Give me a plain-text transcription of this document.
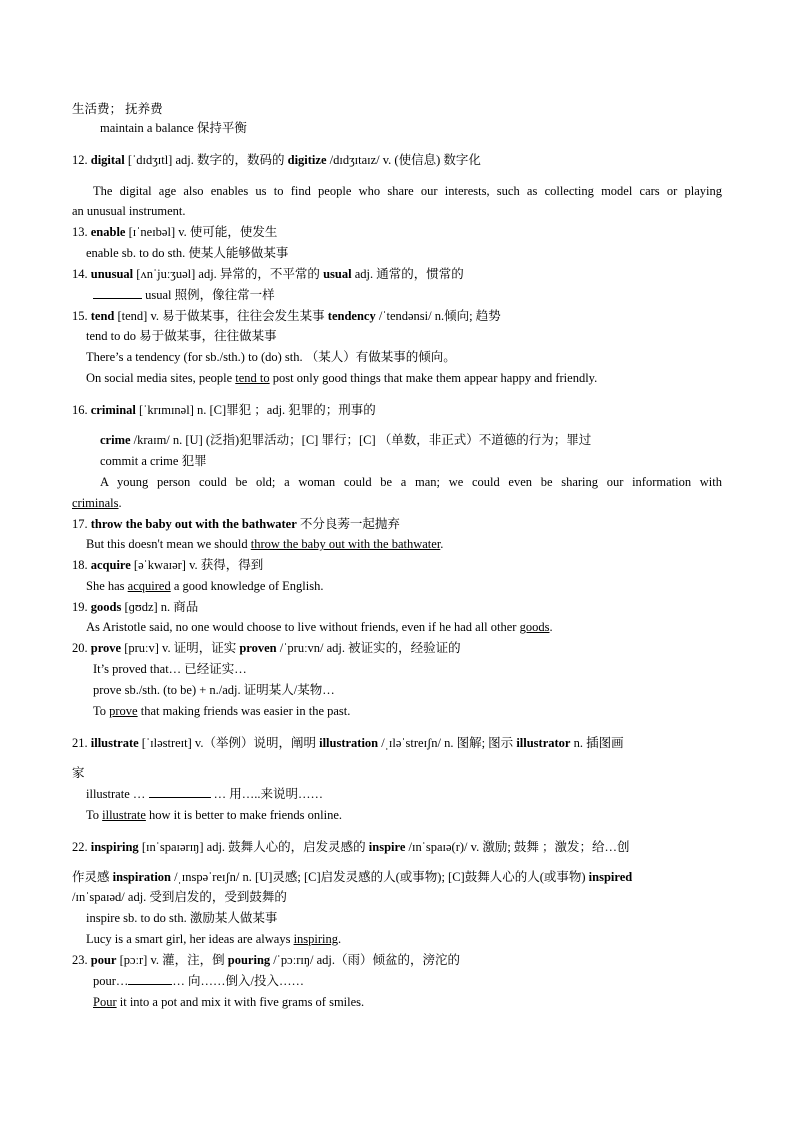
生活费； 抚养费
maintain a balance 保持平衡
12. digital [ˈdɪdʒɪtl] adj. 数字的，数码的 digitize /dɪdʒɪtaɪz/ v. (使信息) 数字化
The digital age also enables us to find people who share our interests, such as collecting model cars or playing
an unusual instrument.
13. enable [ɪˈneɪbəl] v. 使可能，使发生
enable sb. to do sth. 使某人能够做某事
14. unusual [ʌnˈjuːʒuəl] adj. 异常的，不平常的 usual adj. 通常的，惯常的
usual 照例，像往常一样
15. tend [tend] v. 易于做某事，往往会发生某事 tendency /ˈtendənsi/ n.倾向; 趋势
tend to do 易于做某事，往往做某事
There’s a tendency (for sb./sth.) to (do) sth. （某人）有做某事的倾向。
On social media sites, people tend to post only good things that make them appear happy and friendly.
16. criminal [ˈkrɪmɪnəl] n. [C]罪犯 ；adj. 犯罪的；刑事的
crime /kraɪm/ n. [U] (泛指)犯罪活动；[C] 罪行；[C] （单数，非正式）不道德的行为；罪过
commit a crime 犯罪
A young person could be old; a woman could be a man; we could even be sharing our information with
criminals.
17. throw the baby out with the bathwater 不分良莠一起抛弃
But this doesn't mean we should throw the baby out with the bathwater.
18. acquire [əˈkwaɪər] v. 获得，得到
She has acquired a good knowledge of English.
19. goods [ɡʊdz] n. 商品
As Aristotle said, no one would choose to live without friends, even if he had all other goods.
20. prove [pruːv] v. 证明，证实 proven /ˈpruːvn/ adj. 被证实的，经验证的
It’s proved that… 已经证实…
prove sb./sth. (to be) + n./adj. 证明某人/某物…
To prove that making friends was easier in the past.
21. illustrate [ˈɪləstreɪt] v.（举例）说明，阐明 illustration /ˌɪləˈstreɪʃn/ n. 图解; 图示 illustrator n. 插图画
家
illustrate …	… 用…..来说明……
To illustrate how it is better to make friends online.
22. inspiring [ɪnˈspaɪərɪŋ] adj. 鼓舞人心的，启发灵感的 inspire /ɪnˈspaɪə(r)/ v. 激励; 鼓舞 ；激发；给…创
作灵感 inspiration /ˌɪnspəˈreɪʃn/ n. [U]灵感; [C]启发灵感的人(或事物); [C]鼓舞人心的人(或事物) inspired
/ɪnˈspaɪəd/ adj. 受到启发的，受到鼓舞的
inspire sb. to do sth. 激励某人做某事
Lucy is a smart girl, her ideas are always inspiring.
23. pour [pɔːr] v. 灌，注，倒 pouring /ˈpɔːrɪŋ/ adj.（雨）倾盆的，滂沱的
pour…	… 向……倒入/投入……
Pour it into a pot and mix it with five grams of smiles.
